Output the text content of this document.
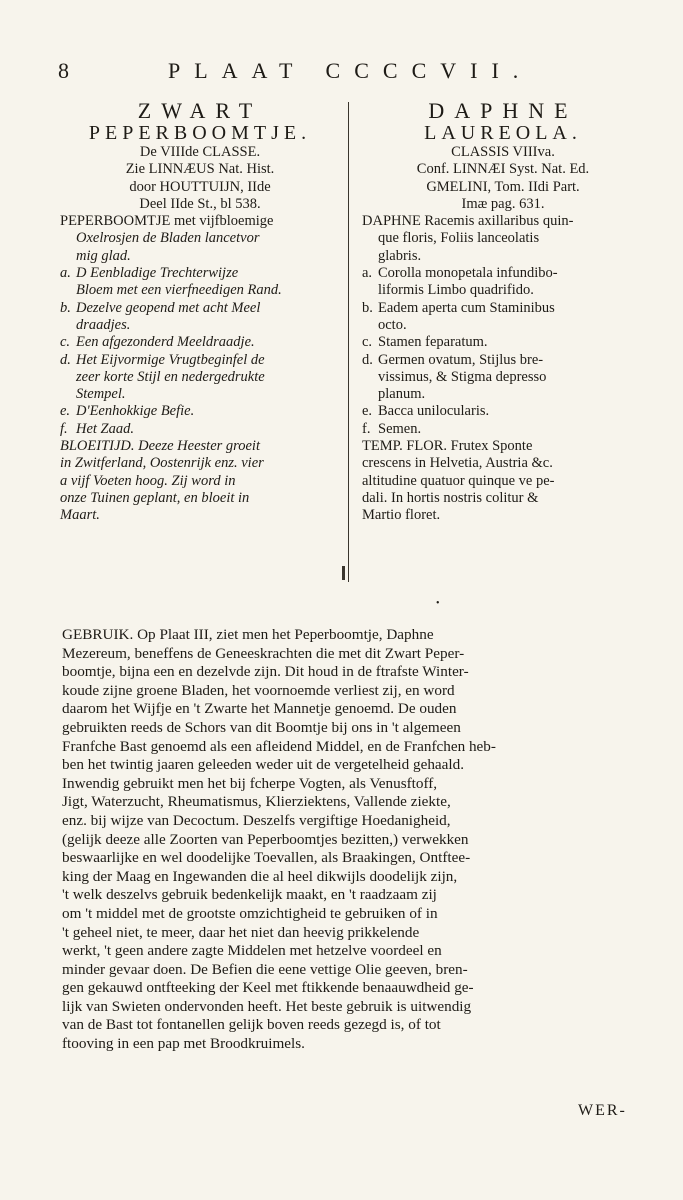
8	PLAAT CCCCVII.
ZWART
PEPERBOOMTJE.
De VIIIde CLASSE.
Zie LINNÆUS Nat. Hist.
door HOUTTUIJN, IIde
Deel IIde St., bl 538.
PEPERBOOMTJE met vijfbloemige
Oxelrosjen de Bladen lancetvor
mig glad.
a. D Eenbladige Trechterwijze
Bloem met een vierfneedigen Rand.
b. Dezelve geopend met acht Meel
draadjes.
c. Een afgezonderd Meeldraadje.
d. Het Eijvormige Vrugtbeginfel de
zeer korte Stijl en nedergedrukte
Stempel.
e. D'Eenhokkige Befie.
f. Het Zaad.
BLOEITIJD. Deeze Heester groeit
in Zwitferland, Oostenrijk enz. vier
a vijf Voeten hoog. Zij word in
onze Tuinen geplant, en bloeit in
Maart.
DAPHNE
LAUREOLA.
CLASSIS VIIIva.
Conf. LINNÆI Syst. Nat. Ed.
GMELINI, Tom. IIdi Part.
Imæ pag. 631.
DAPHNE Racemis axillaribus quin-
que floris, Foliis lanceolatis
glabris.
a. Corolla monopetala infundibo-
liformis Limbo quadrifido.
b. Eadem aperta cum Staminibus
octo.
c. Stamen feparatum.
d. Germen ovatum, Stijlus bre-
vissimus, & Stigma depresso
planum.
e. Bacca unilocularis.
f. Semen.
TEMP. FLOR. Frutex Sponte
crescens in Helvetia, Austria &c.
altitudine quatuor quinque ve pe-
dali. In hortis nostris colitur &
Martio floret.
•
GEBRUIK. Op Plaat III, ziet men het Peperboomtje, Daphne
Mezereum, beneffens de Geneeskrachten die met dit Zwart Peper-
boomtje, bijna een en dezelvde zijn. Dit houd in de ftrafste Winter-
koude zijne groene Bladen, het voornoemde verliest zij, en word
daarom het Wijfje en 't Zwarte het Mannetje genoemd. De ouden
gebruikten reeds de Schors van dit Boomtje bij ons in 't algemeen
Franfche Bast genoemd als een afleidend Middel, en de Franfchen heb-
ben het twintig jaaren geleeden weder uit de vergetelheid gehaald.
Inwendig gebruikt men het bij fcherpe Vogten, als Venusftoff,
Jigt, Waterzucht, Rheumatismus, Klierziektens, Vallende ziekte,
enz. bij wijze van Decoctum. Deszelfs vergiftige Hoedanigheid,
(gelijk deeze alle Zoorten van Peperboomtjes bezitten,) verwekken
beswaarlijke en wel doodelijke Toevallen, als Braakingen, Ontftee-
king der Maag en Ingewanden die al heel dikwijls doodelijk zijn,
't welk deszelvs gebruik bedenkelijk maakt, en 't raadzaam zij
om 't middel met de grootste omzichtigheid te gebruiken of in
't geheel niet, te meer, daar het niet dan heevig prikkelende
werkt, 't geen andere zagte Middelen met hetzelve voordeel en
minder gevaar doen. De Befien die eene vettige Olie geeven, bren-
gen gekauwd ontfteeking der Keel met ftikkende benaauwdheid ge-
lijk van Swieten ondervonden heeft. Het beste gebruik is uitwendig
van de Bast tot fontanellen gelijk boven reeds gezegd is, of tot
ftooving in een pap met Broodkruimels.
WER-
